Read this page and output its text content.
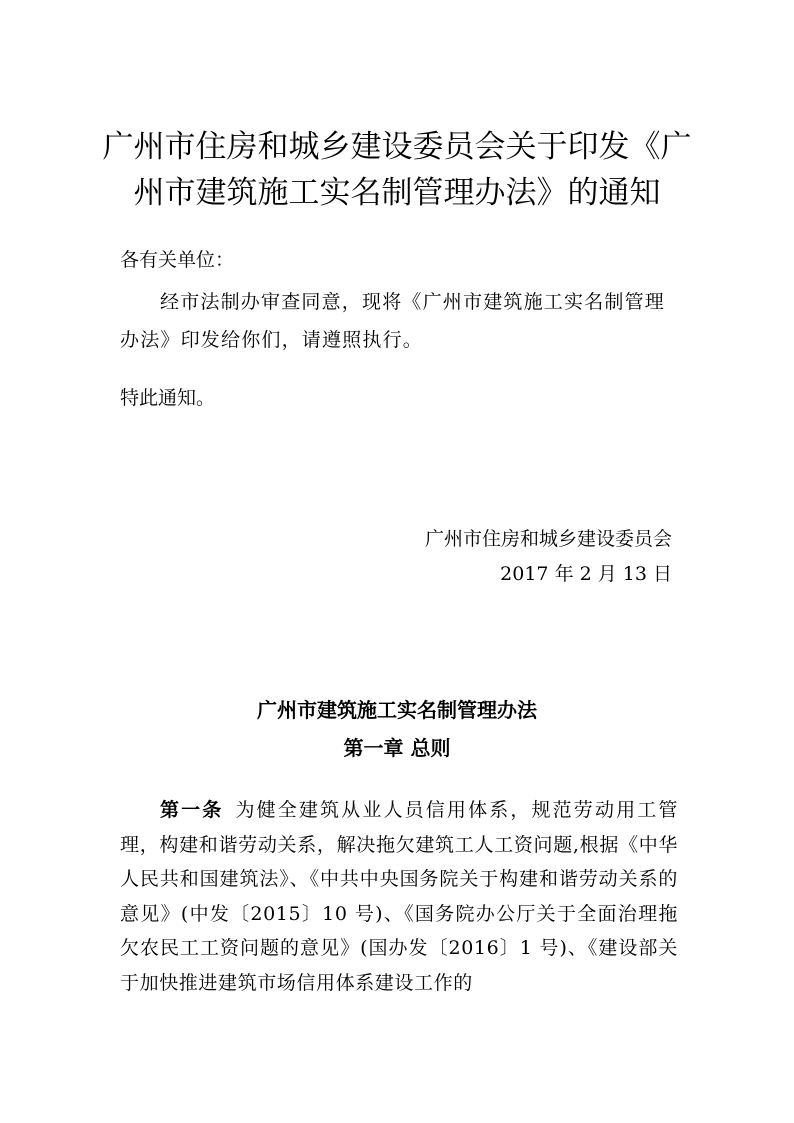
广州市住房和城乡建设委员会关于印发《广州市建筑施工实名制管理办法》的通知

各有关单位：

经市法制办审查同意，现将《广州市建筑施工实名制管理办法》印发给你们，请遵照执行。

特此通知。

广州市住房和城乡建设委员会

2017 年 2 月 13 日

广州市建筑施工实名制管理办法
第一章 总则

第一条 为健全建筑从业人员信用体系，规范劳动用工管理，构建和谐劳动关系，解决拖欠建筑工人工资问题,根据《中华人民共和国建筑法》、《中共中央国务院关于构建和谐劳动关系的意见》(中发〔2015〕10 号)、《国务院办公厅关于全面治理拖欠农民工工资问题的意见》(国办发〔2016〕1 号)、《建设部关于加快推进建筑市场信用体系建设工作的
